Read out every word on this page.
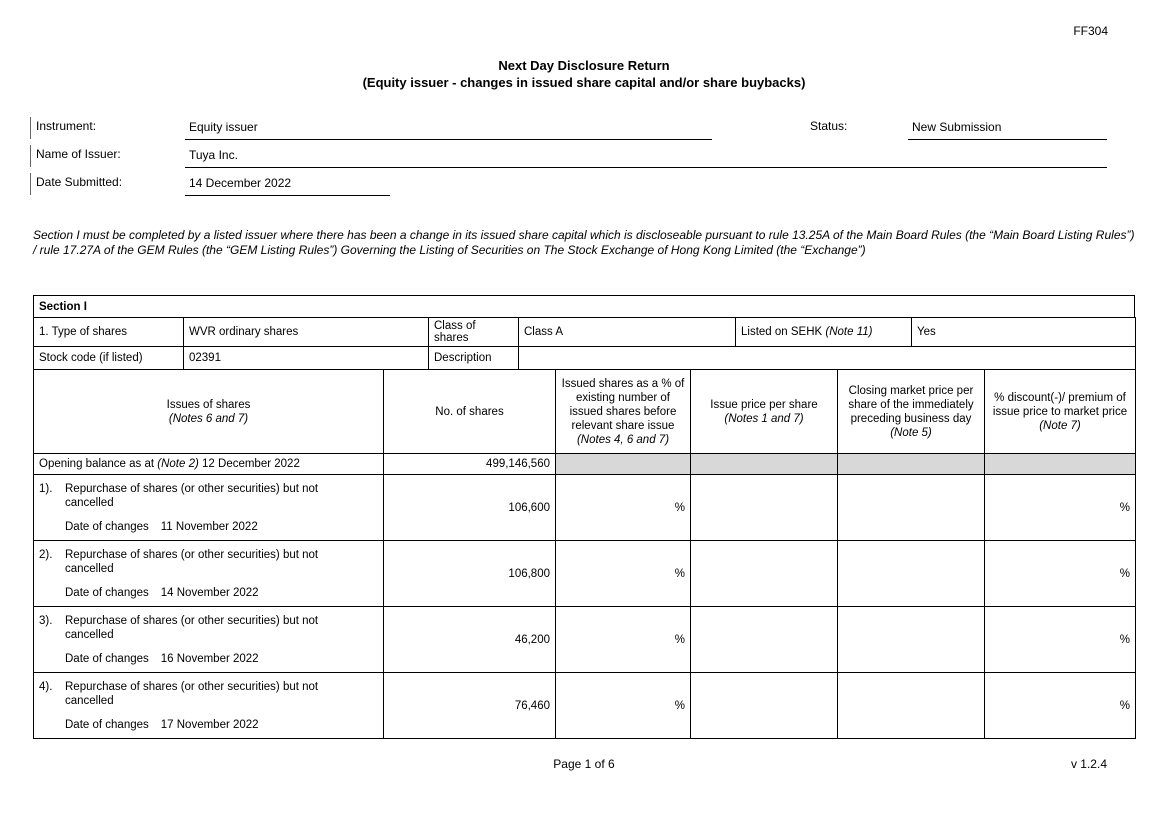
FF304
Next Day Disclosure Return
(Equity issuer - changes in issued share capital and/or share buybacks)
Instrument:	Equity issuer	Status:	New Submission
Name of Issuer:	Tuya Inc.
Date Submitted:	14 December 2022
Section I must be completed by a listed issuer where there has been a change in its issued share capital which is discloseable pursuant to rule 13.25A of the Main Board Rules (the “Main Board Listing Rules”) / rule 17.27A of the GEM Rules (the “GEM Listing Rules”) Governing the Listing of Securities on The Stock Exchange of Hong Kong Limited (the “Exchange”)
Section I
1. Type of shares	WVR ordinary shares	Class of shares	Class A	Listed on SEHK (Note 11)	Yes
Stock code (if listed)	02391	Description			
Issues of shares
(Notes 6 and 7)	No. of shares	Issued shares as a % of existing number of issued shares before relevant share issue (Notes 4, 6 and 7)	Issue price per share (Notes 1 and 7)	Closing market price per share of the immediately preceding business day (Note 5)	% discount(-)/ premium of issue price to market price (Note 7)
Opening balance as at (Note 2) 12 December 2022	499,146,560				

1). Repurchase of shares (or other securities) but not cancelled
Date of changes 11 November 2022	106,600	%			%

2). Repurchase of shares (or other securities) but not cancelled
Date of changes 14 November 2022	106,800	%			%

3). Repurchase of shares (or other securities) but not cancelled
Date of changes 16 November 2022	46,200	%			%

4). Repurchase of shares (or other securities) but not cancelled
Date of changes 17 November 2022	76,460	%			%
Page 1 of 6	v 1.2.4
